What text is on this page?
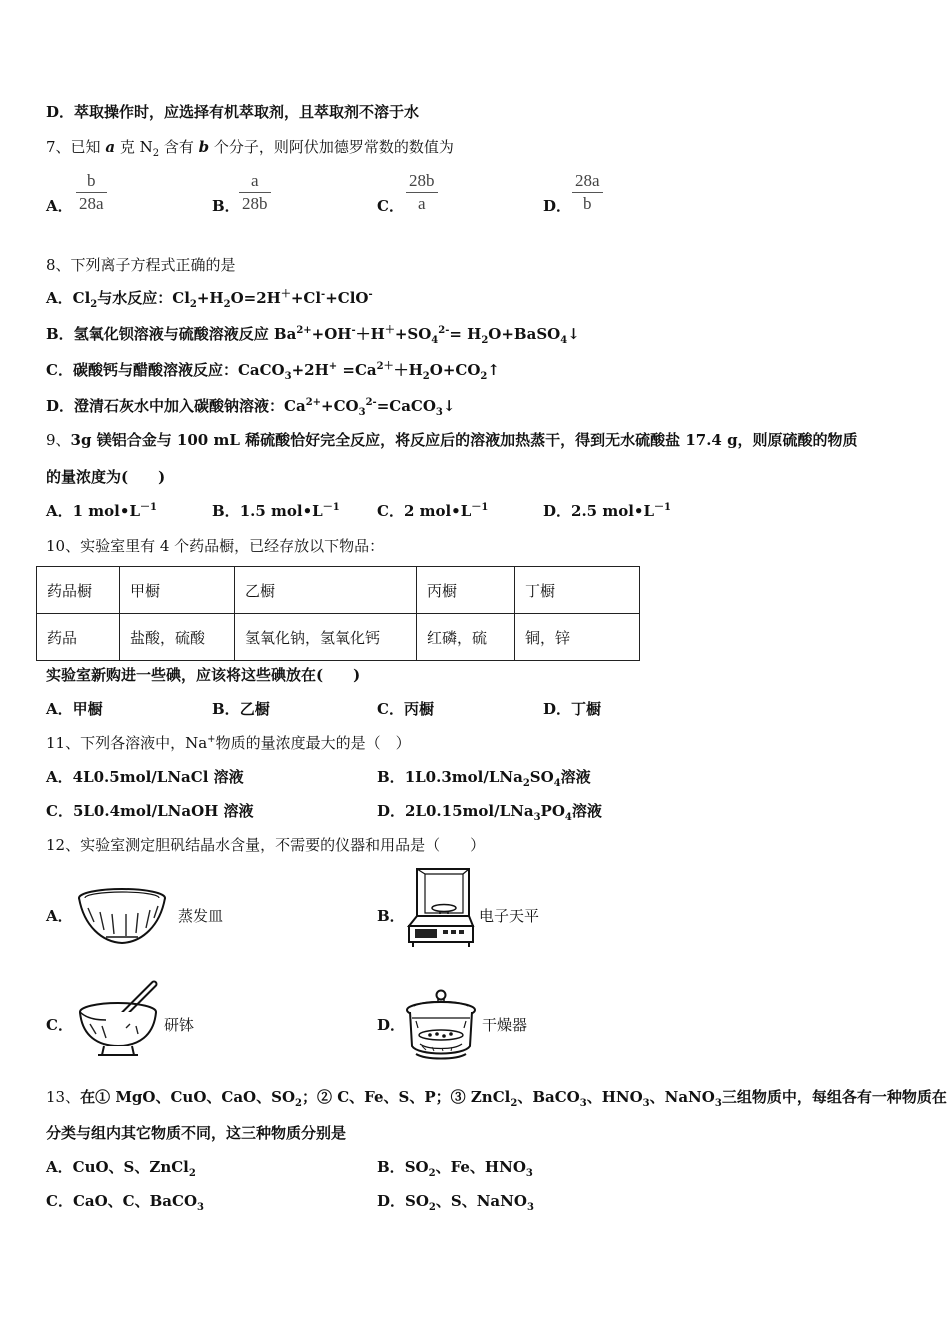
D．萃取操作时，应选择有机萃取剂，且萃取剂不溶于水
7、已知 a 克 $N_2$ 含有 b 个分子，则阿伏加德罗常数的数值为
A．
b
28a	B．
a
28b	C．
28b
a	D．
28a
b
8、下列离子方程式正确的是
A．$Cl_2$与水反应：$Cl_2+H_2O=2H^++Cl^-+ClO^-$
B．氢氧化钡溶液与硫酸溶液反应 $Ba^{2+}+OH^-+H^++SO_4^{2-}=$ $H_2O+BaSO_4↓$
C．碳酸钙与醋酸溶液反应：CaCO$_3$+2H+ $=Ca^{2+}+H_2O+CO_2↑$
D．澄清石灰水中加入碳酸钠溶液：$Ca^{2+}+CO_3^{2-}=CaCO_3↓$
9、3g 镁铝合金与 100 mL 稀硫酸恰好完全反应，将反应后的溶液加热蒸干，得到无水硫酸盐 17.4 g，则原硫酸的物质
的量浓度为(　　)
A．1 $mol•L^{-1}$	B．1.5 $mol•L^{-1}$ C．2 $mol•L^{-1}$	D．2.5 $mol•L^{-1}$
10、实验室里有 4 个药品橱，已经存放以下物品：
药品橱	甲橱	乙橱	丙橱	丁橱
药品	盐酸，硫酸	氢氧化钠，氢氧化钙	红磷，硫	铜，锌
实验室新购进一些碘，应该将这些碘放在(　　)
A．甲橱	B．乙橱	C．丙橱	D．丁橱
11、下列各溶液中，Na+物质的量浓度最大的是（　）
A．4L0.5mol/LNaCl 溶液	B．$1L0.3mol/LNa_2SO_4$溶液
C．5L0.4mol/LNaOH 溶液	D．$2L0.15mol/LNa_3PO_4$溶液
12、实验室测定胆矾结晶水含量，不需要的仪器和用品是（　　）
A．	蒸发皿	B．	电子天平
C．	研钵	D．	干燥器
13、在① MgO、CuO、CaO、$SO_2$；② C、Fe、S、P；③ ZnCl$_2$、BaCO$_3$、$HNO_3$、NaNO$_3$三组物质中，每组各有一种物质在
分类与组内其它物质不同，这三种物质分别是
A．CuO、S、ZnCl$_2$	B．$SO_2$、Fe、$HNO_3$
C．CaO、C、BaCO$_3$	D．$SO_2$、S、NaNO$_3$
